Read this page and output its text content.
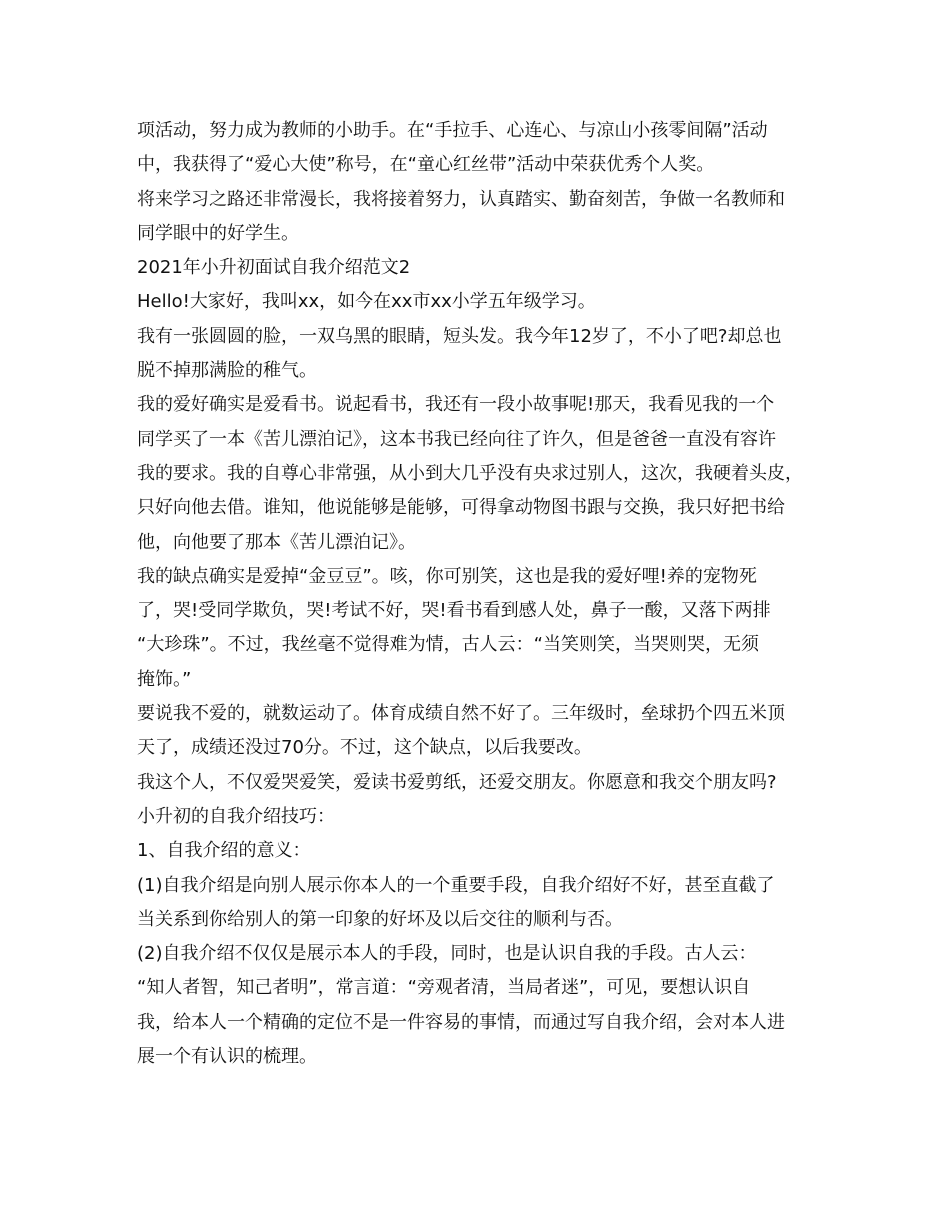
项活动，努力成为教师的小助手。在“手拉手、心连心、与凉山小孩零间隔”活动
中，我获得了“爱心大使”称号，在“童心红丝带”活动中荣获优秀个人奖。
将来学习之路还非常漫长，我将接着努力，认真踏实、勤奋刻苦，争做一名教师和
同学眼中的好学生。
2021年小升初面试自我介绍范文2
Hello!大家好，我叫xx，如今在xx市xx小学五年级学习。
我有一张圆圆的脸，一双乌黑的眼睛，短头发。我今年12岁了，不小了吧?却总也
脱不掉那满脸的稚气。
我的爱好确实是爱看书。说起看书，我还有一段小故事呢!那天，我看见我的一个
同学买了一本《苦儿漂泊记》，这本书我已经向往了许久，但是爸爸一直没有容许
我的要求。我的自尊心非常强，从小到大几乎没有央求过别人，这次，我硬着头皮，
只好向他去借。谁知，他说能够是能够，可得拿动物图书跟与交换，我只好把书给
他，向他要了那本《苦儿漂泊记》。
我的缺点确实是爱掉“金豆豆”。咳，你可别笑，这也是我的爱好哩!养的宠物死
了，哭!受同学欺负，哭!考试不好，哭!看书看到感人处，鼻子一酸，又落下两排
“大珍珠”。不过，我丝毫不觉得难为情，古人云：“当笑则笑，当哭则哭，无须
掩饰。”
要说我不爱的，就数运动了。体育成绩自然不好了。三年级时，垒球扔个四五米顶
天了，成绩还没过70分。不过，这个缺点，以后我要改。
我这个人，不仅爱哭爱笑，爱读书爱剪纸，还爱交朋友。你愿意和我交个朋友吗?
小升初的自我介绍技巧：
1、自我介绍的意义：
(1)自我介绍是向别人展示你本人的一个重要手段，自我介绍好不好，甚至直截了
当关系到你给别人的第一印象的好坏及以后交往的顺利与否。
(2)自我介绍不仅仅是展示本人的手段，同时，也是认识自我的手段。古人云：
“知人者智，知己者明”，常言道：“旁观者清，当局者迷”，可见，要想认识自
我，给本人一个精确的定位不是一件容易的事情，而通过写自我介绍，会对本人进
展一个有认识的梳理。
